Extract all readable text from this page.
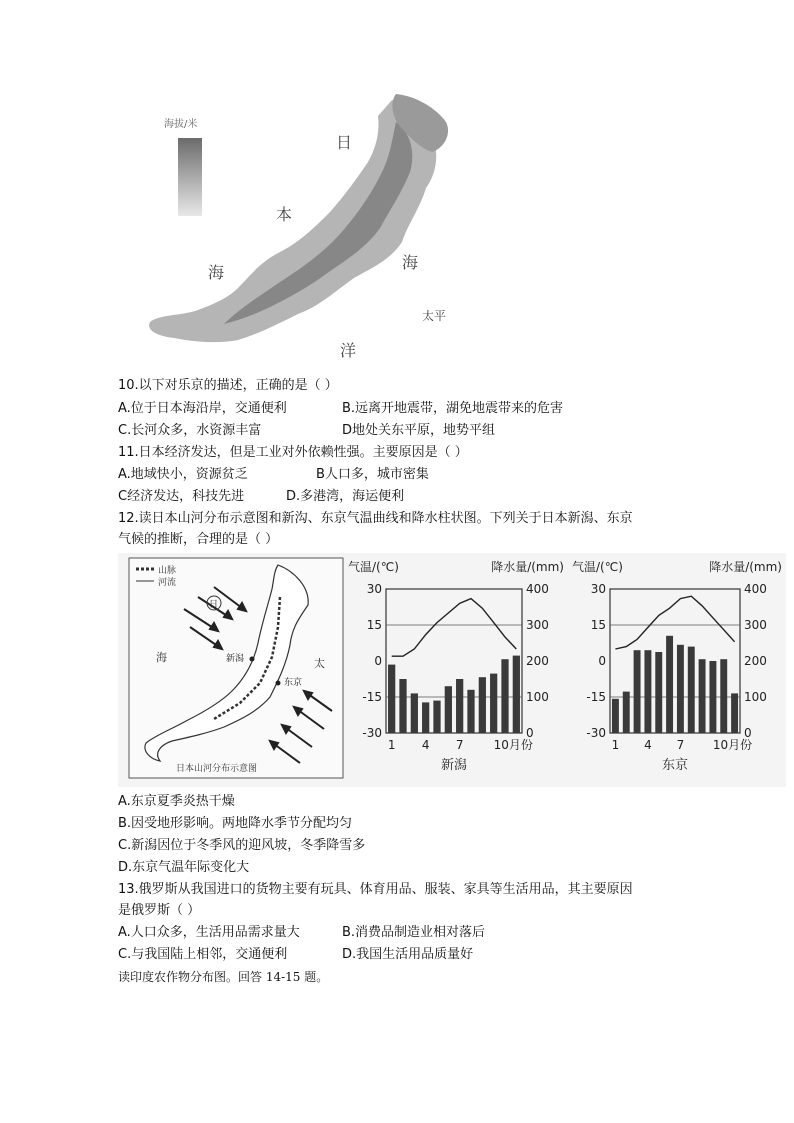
海拔/米
日
本
海
洋
海
太平
10.以下对乐京的描述，正确的是（ ）
A.位于日本海沿岸，交通便利	B.远离开地震带，湖免地震带来的危害
C.长河众多，水资源丰富	D地处关东平原，地势平组
11.日本经济发达，但是工业对外依赖性强。主要原因是（ ）
A.地域快小，资源贫乏	B人口多，城市密集
C经济发达，科技先进	D.多港湾，海运便利
12.读日本山河分布示意图和新沟、东京气温曲线和降水柱状图。下列关于日本新潟、东京
气候的推断，合理的是（ ）
山脉
河流
日
海	太
新潟
东京
日本山河分布示意图
气温/(℃)	降水量/(mm)
30
15
0
-15
-30
400
300
200
100
0
1 4 7	10月份
新潟
气温/(℃)	降水量/(mm)
30
15
0
-15
-30
400
300
200
100
0
1 4 7 10月份
东京
A.东京夏季炎热干燥
B.因受地形影响。两地降水季节分配均匀
C.新潟因位于冬季风的迎风坡，冬季降雪多
D.东京气温年际变化大
13.俄罗斯从我国进口的货物主要有玩具、体育用品、服装、家具等生活用品，其主要原因
是俄罗斯（ ）
A.人口众多，生活用品需求量大	B.消费品制造业相对落后
C.与我国陆上相邻，交通便利	D.我国生活用品质量好
读印度农作物分布图。回答 14-15 题。
